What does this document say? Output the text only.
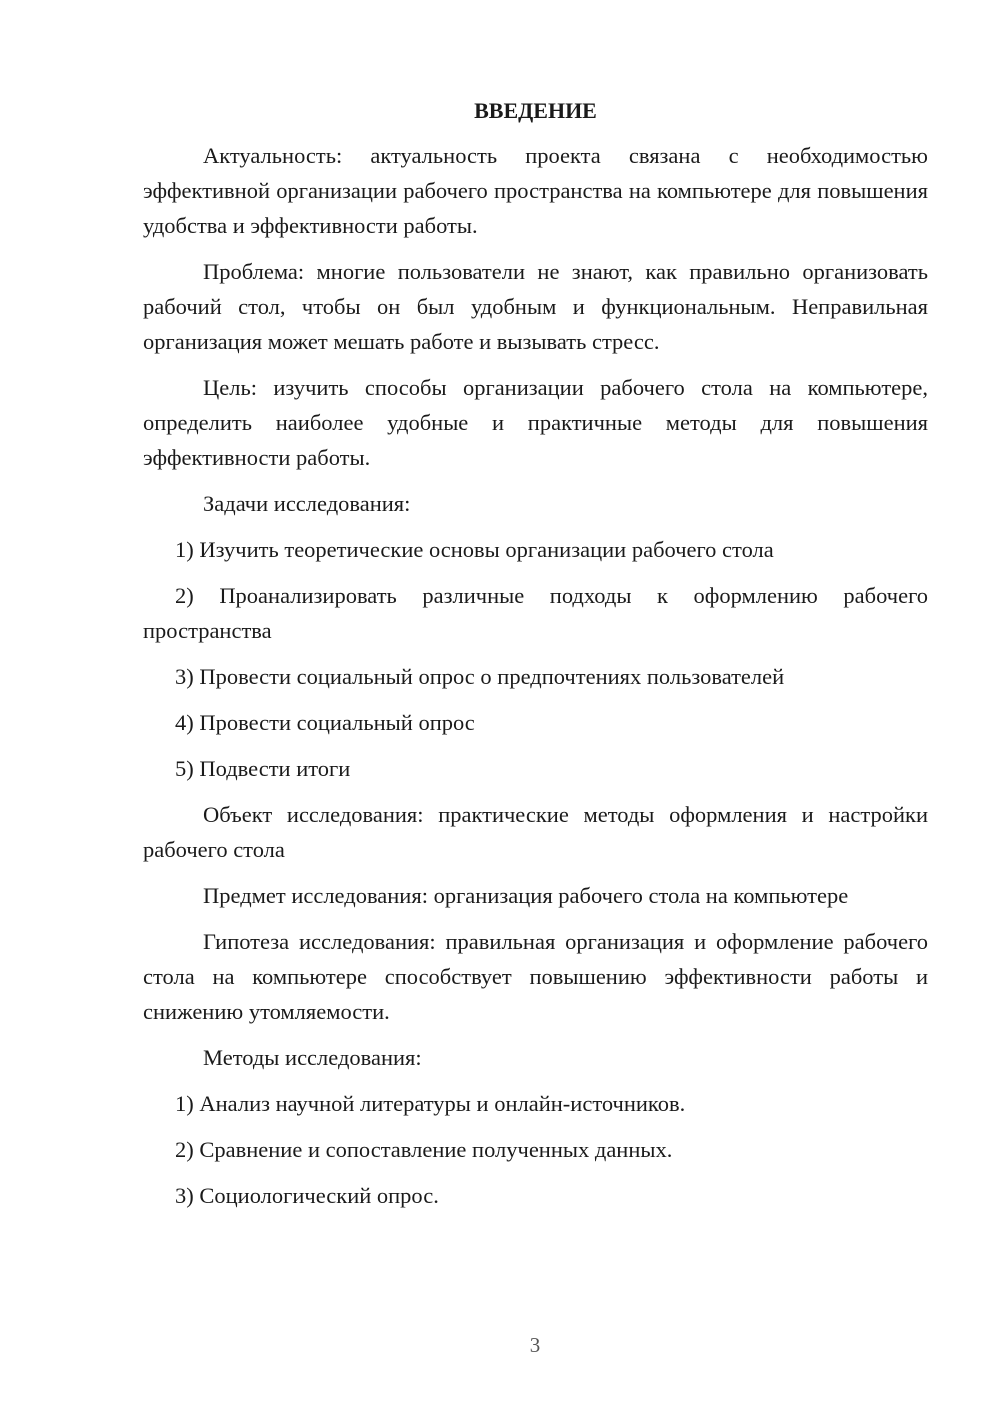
ВВЕДЕНИЕ

Актуальность: актуальность проекта связана с необходимостью эффективной организации рабочего пространства на компьютере для повышения удобства и эффективности работы.

Проблема: многие пользователи не знают, как правильно организовать рабочий стол, чтобы он был удобным и функциональным. Неправильная организация может мешать работе и вызывать стресс.

Цель: изучить способы организации рабочего стола на компьютере, определить наиболее удобные и практичные методы для повышения эффективности работы.

Задачи исследования:

1) Изучить теоретические основы организации рабочего стола

2) Проанализировать различные подходы к оформлению рабочего пространства

3) Провести социальный опрос о предпочтениях пользователей

4) Провести социальный опрос

5) Подвести итоги

Объект исследования: практические методы оформления и настройки рабочего стола

Предмет исследования: организация рабочего стола на компьютере

Гипотеза исследования: правильная организация и оформление рабочего стола на компьютере способствует повышению эффективности работы и снижению утомляемости.

Методы исследования:

1) Анализ научной литературы и онлайн-источников.

2) Сравнение и сопоставление полученных данных.

3) Социологический опрос.

3
